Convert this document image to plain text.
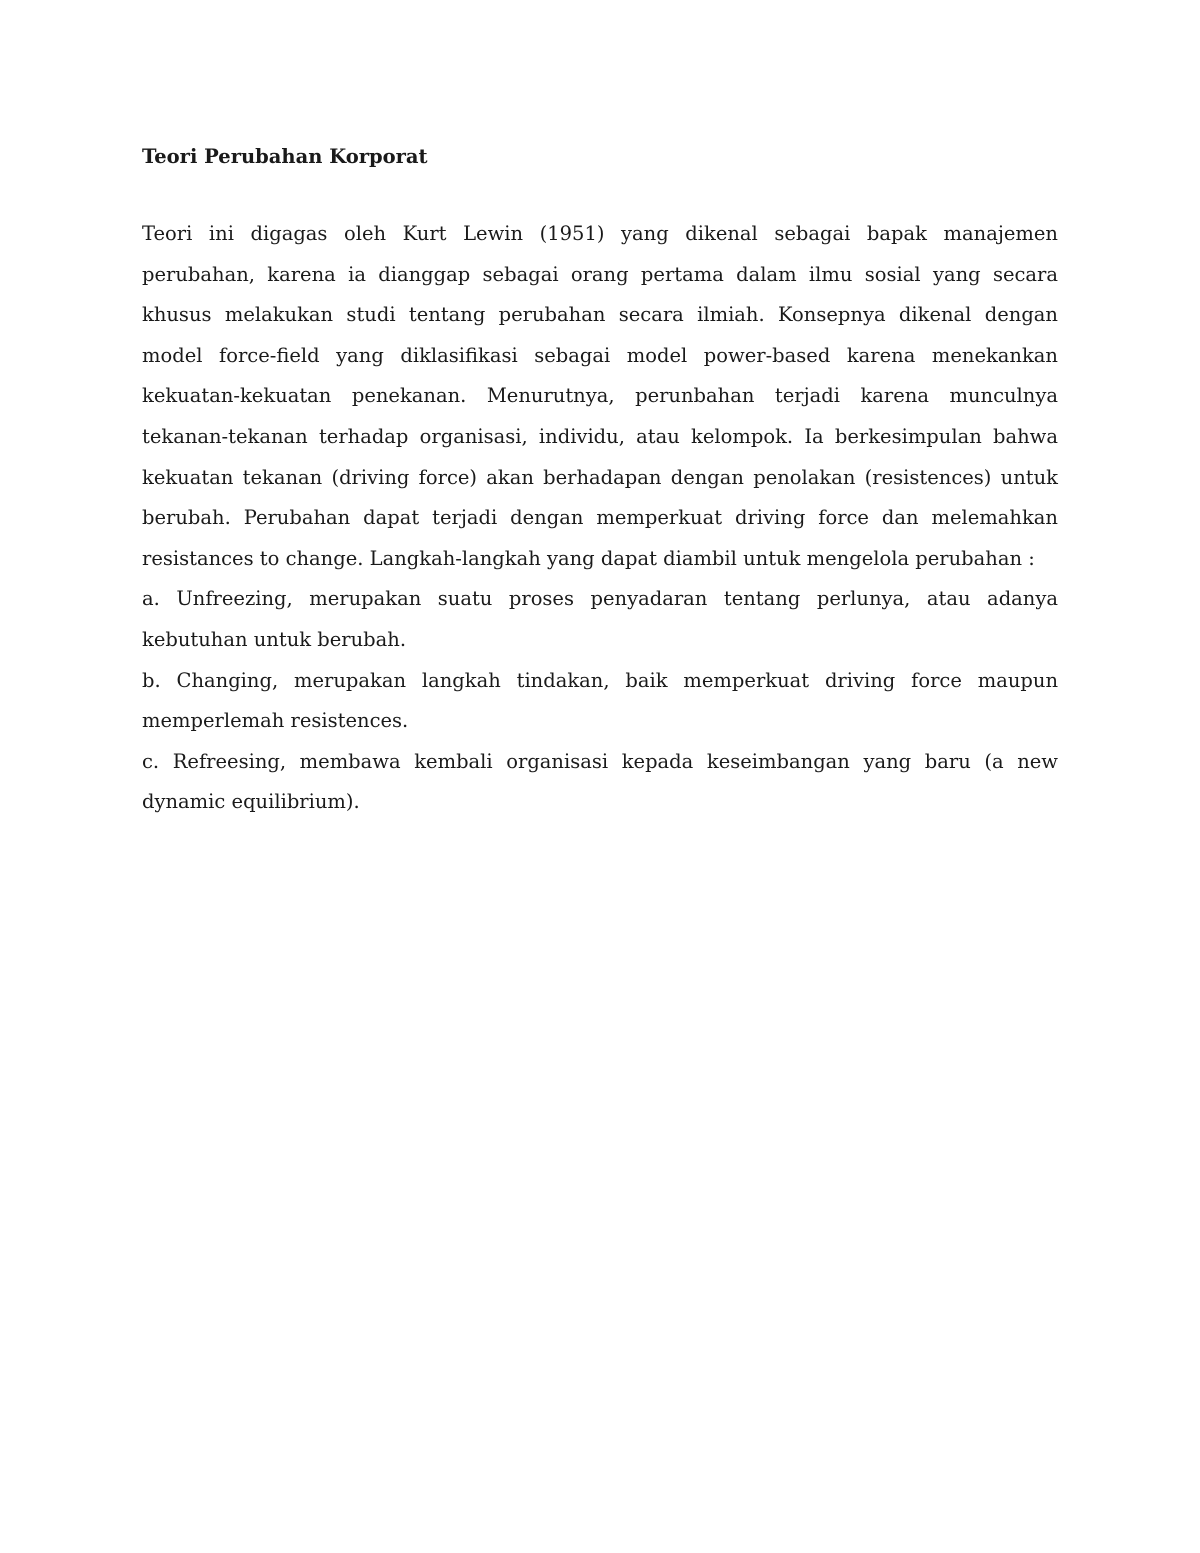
Teori Perubahan Korporat

Teori ini digagas oleh Kurt Lewin (1951) yang dikenal sebagai bapak manajemen perubahan, karena ia dianggap sebagai orang pertama dalam ilmu sosial yang secara khusus melakukan studi tentang perubahan secara ilmiah. Konsepnya dikenal dengan model force-field yang diklasifikasi sebagai model power-based karena menekankan kekuatan-kekuatan penekanan. Menurutnya, perunbahan terjadi karena munculnya tekanan-tekanan terhadap organisasi, individu, atau kelompok. Ia berkesimpulan bahwa kekuatan tekanan (driving force) akan berhadapan dengan penolakan (resistences) untuk berubah. Perubahan dapat terjadi dengan memperkuat driving force dan melemahkan resistances to change. Langkah-langkah yang dapat diambil untuk mengelola perubahan :

a. Unfreezing, merupakan suatu proses penyadaran tentang perlunya, atau adanya kebutuhan untuk berubah.

b. Changing, merupakan langkah tindakan, baik memperkuat driving force maupun memperlemah resistences.

c. Refreesing, membawa kembali organisasi kepada keseimbangan yang baru (a new dynamic equilibrium).
